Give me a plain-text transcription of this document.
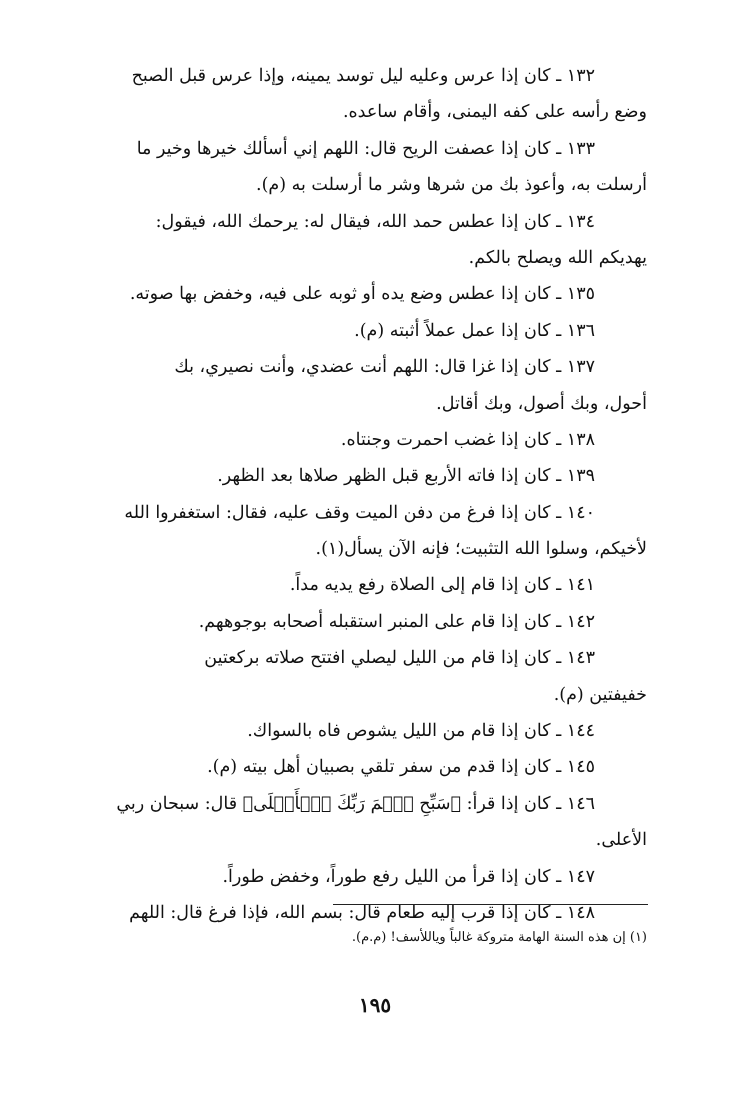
١٣٢ ـ كان إذا عرس وعليه ليل توسد يمينه، وإذا عرس قبل الصبح
وضع رأسه على كفه اليمنى، وأقام ساعده.
١٣٣ ـ كان إذا عصفت الريح قال: اللهم إني أسألك خيرها وخير ما
أرسلت به، وأعوذ بك من شرها وشر ما أرسلت به (م).
١٣٤ ـ كان إذا عطس حمد الله، فيقال له: يرحمك الله، فيقول:
يهديكم الله ويصلح بالكم.
١٣٥ ـ كان إذا عطس وضع يده أو ثوبه على فيه، وخفض بها صوته.
١٣٦ ـ كان إذا عمل عملاً أثبته (م).
١٣٧ ـ كان إذا غزا قال: اللهم أنت عضدي، وأنت نصيري، بك
أحول، وبك أصول، وبك أقاتل.
١٣٨ ـ كان إذا غضب احمرت وجنتاه.
١٣٩ ـ كان إذا فاته الأربع قبل الظهر صلاها بعد الظهر.
١٤٠ ـ كان إذا فرغ من دفن الميت وقف عليه، فقال: استغفروا الله
لأخيكم، وسلوا الله التثبيت؛ فإنه الآن يسأل(١).
١٤١ ـ كان إذا قام إلى الصلاة رفع يديه مداً.
١٤٢ ـ كان إذا قام على المنبر استقبله أصحابه بوجوههم.
١٤٣ ـ كان إذا قام من الليل ليصلي افتتح صلاته بركعتين
خفيفتين (م).
١٤٤ ـ كان إذا قام من الليل يشوص فاه بالسواك.
١٤٥ ـ كان إذا قدم من سفر تلقي بصبيان أهل بيته (م).
١٤٦ ـ كان إذا قرأ: ﴿سَبِّحِ ٱسۡمَ رَبِّكَ ٱلۡأَعۡلَى﴾ قال: سبحان ربي
الأعلى.
١٤٧ ـ كان إذا قرأ من الليل رفع طوراً، وخفض طوراً.
١٤٨ ـ كان إذا قرب إليه طعام قال: بسم الله، فإذا فرغ قال: اللهم
(١) إن هذه السنة الهامة متروكة غالباً وياللأسف! (م.م).
١٩٥
